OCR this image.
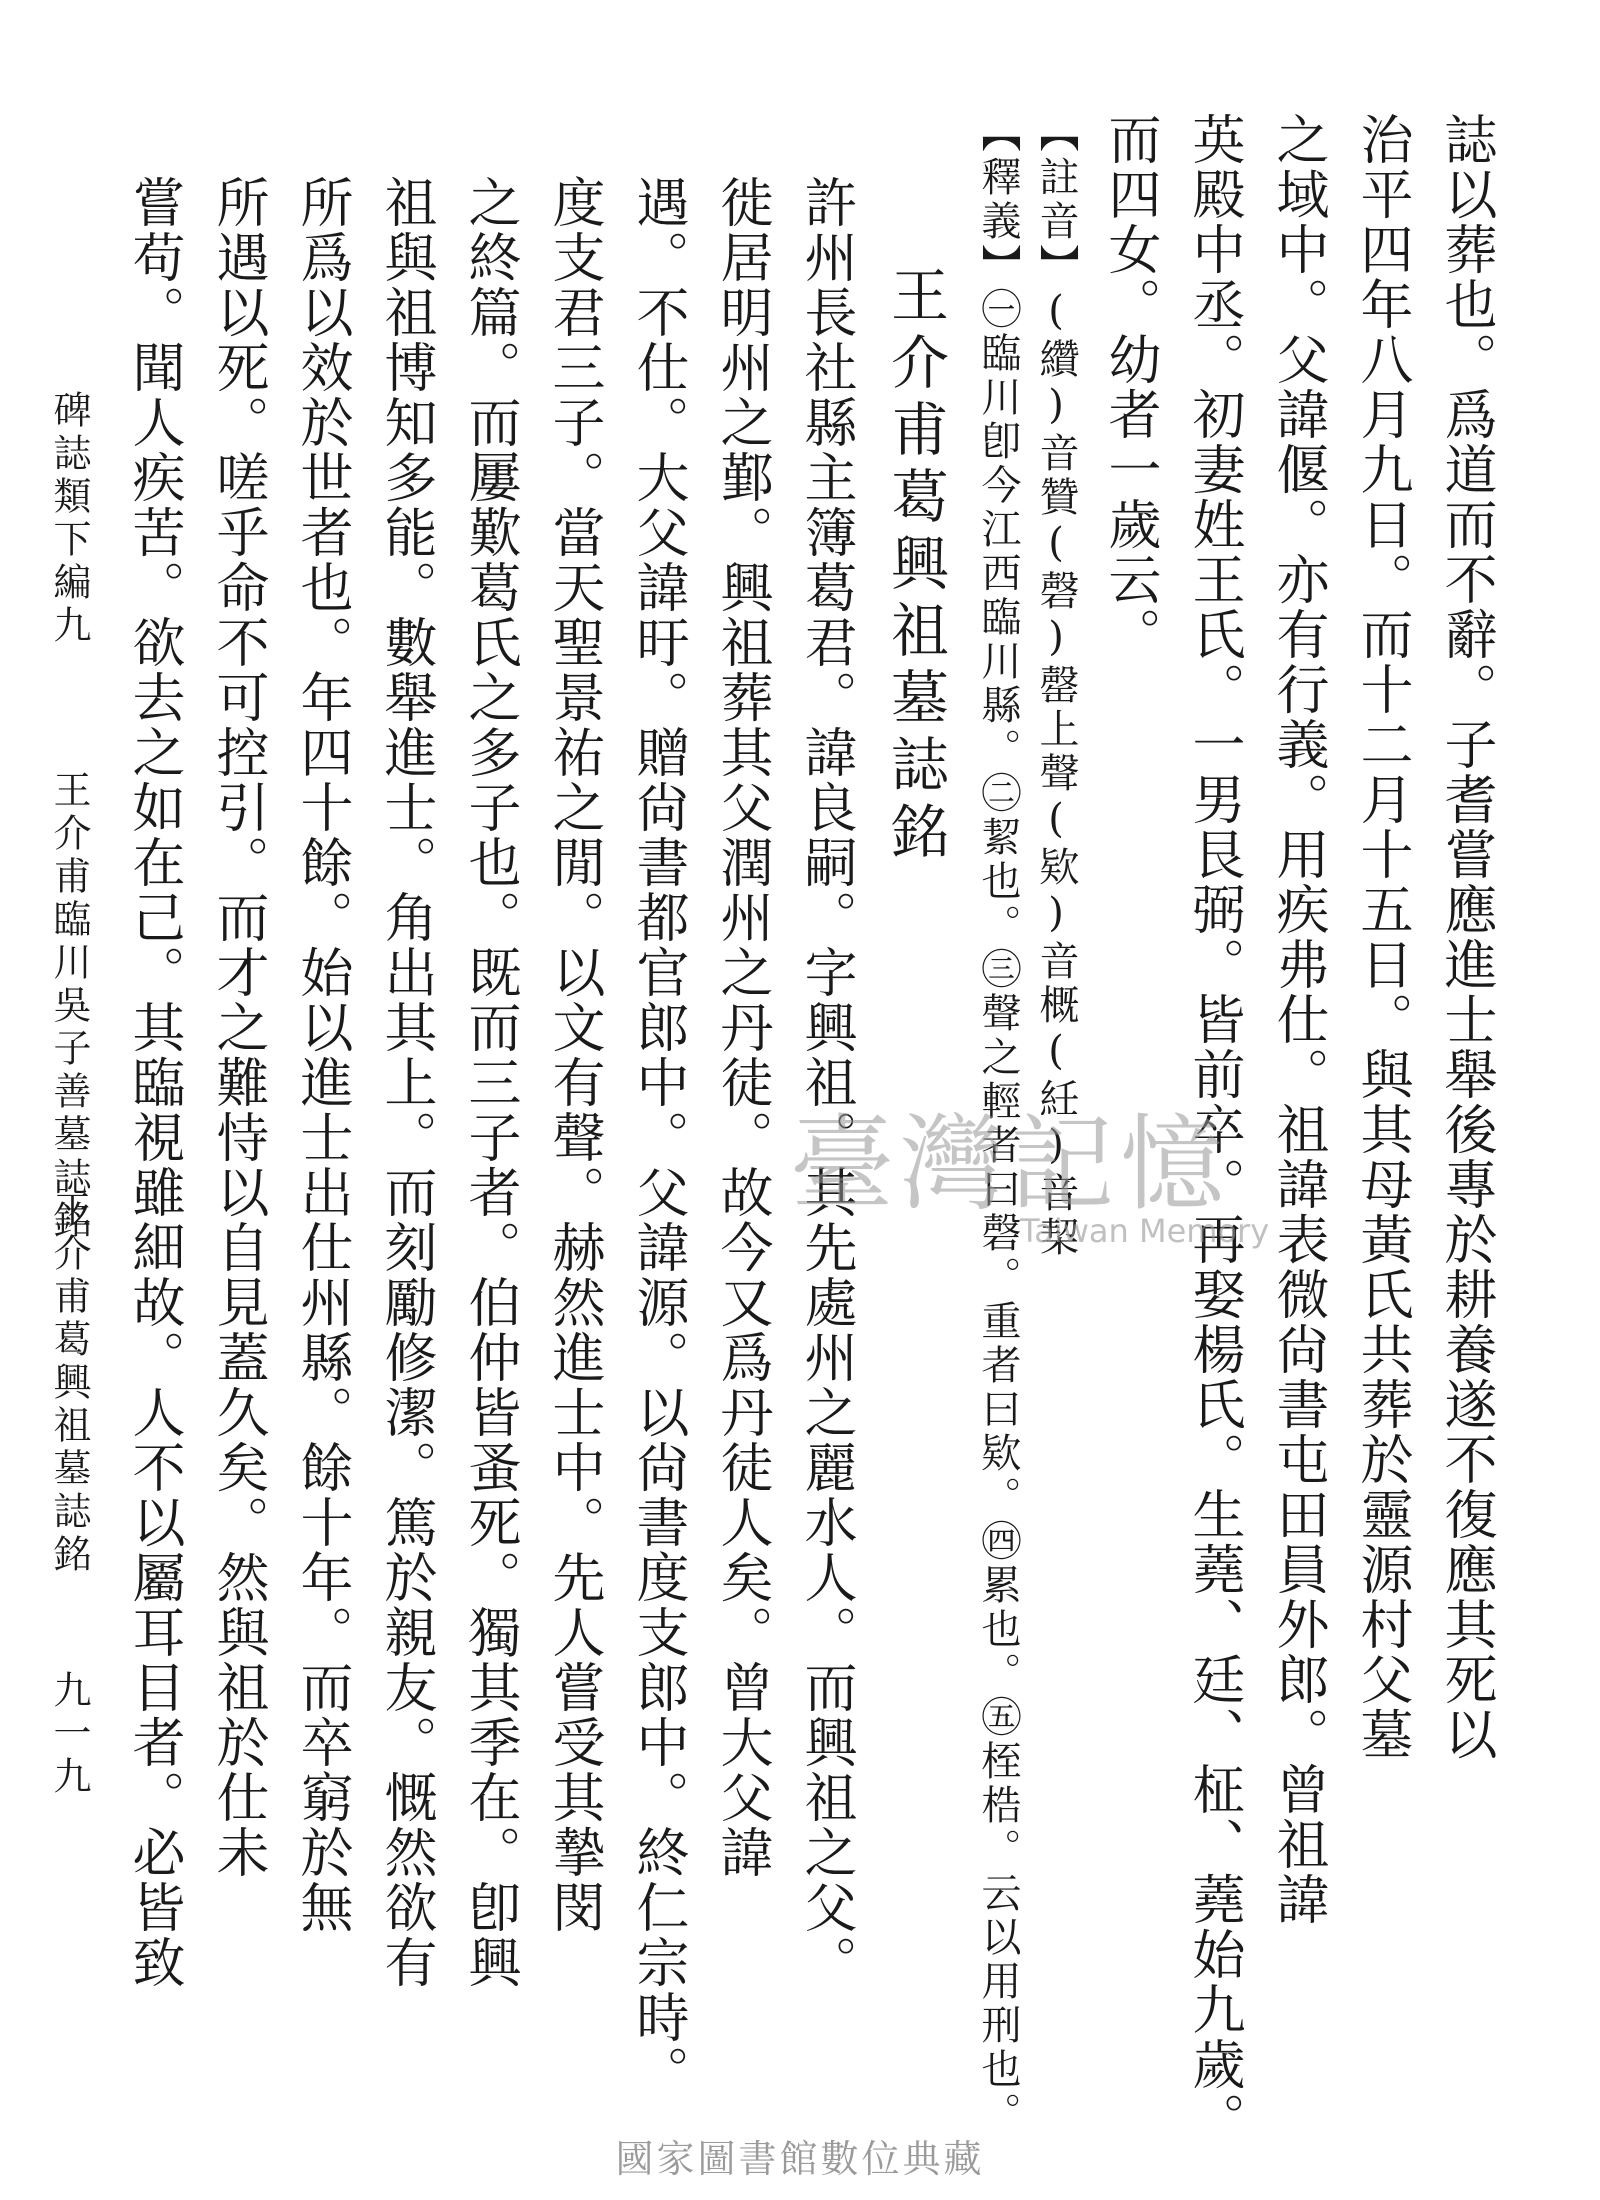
誌以葬也。爲道而不辭。子耆嘗應進士舉後專於耕養遂不復應其死以
治平四年八月九日。而十二月十五日。與其母黃氏共葬於靈源村父墓
之域中。父諱偃。亦有行義。用疾弗仕。祖諱表微尙書屯田員外郎。曾祖諱
英殿中丞。初妻姓王氏。一男艮弼。皆前卒。再娶楊氏。生蕘、廷、柾、蕘始九歲。
而四女。幼者一歲云。
【註音】(纘)音贊(磬)罄上聲(欵)音概(紝)音栔
【釋義】㊀臨川卽今江西臨川縣。㊁絜也。㊂聲之輕者曰磬。重者曰欵。㊃累也。㊄桎梏。云以用刑也。
王介甫葛興祖墓誌銘
許州長社縣主簿葛君。諱良嗣。字興祖。其先處州之麗水人。而興祖之父。
徙居明州之鄞。興祖葬其父潤州之丹徒。故今又爲丹徒人矣。曾大父諱
遇。不仕。大父諱旴。贈尙書都官郎中。父諱源。以尙書度支郎中。終仁宗時。
度支君三子。當天聖景祐之閒。以文有聲。赫然進士中。先人嘗受其摯閔
之終篇。而屢歎葛氏之多子也。既而三子者。伯仲皆蚤死。獨其季在。卽興
祖與祖博知多能。數舉進士。角出其上。而刻勵修潔。篤於親友。慨然欲有
所爲以效於世者也。年四十餘。始以進士出仕州縣。餘十年。而卒窮於無
所遇以死。嗟乎命不可控引。而才之難恃以自見蓋久矣。然與祖於仕未
嘗苟。聞人疾苦。欲去之如在己。其臨視雖細故。人不以屬耳目者。必皆致
碑誌類下編九
王介甫臨川吳子善墓誌銘
王介甫葛興祖墓誌銘
九一九
臺灣記憶
Taiwan Memory
國家圖書館數位典藏
